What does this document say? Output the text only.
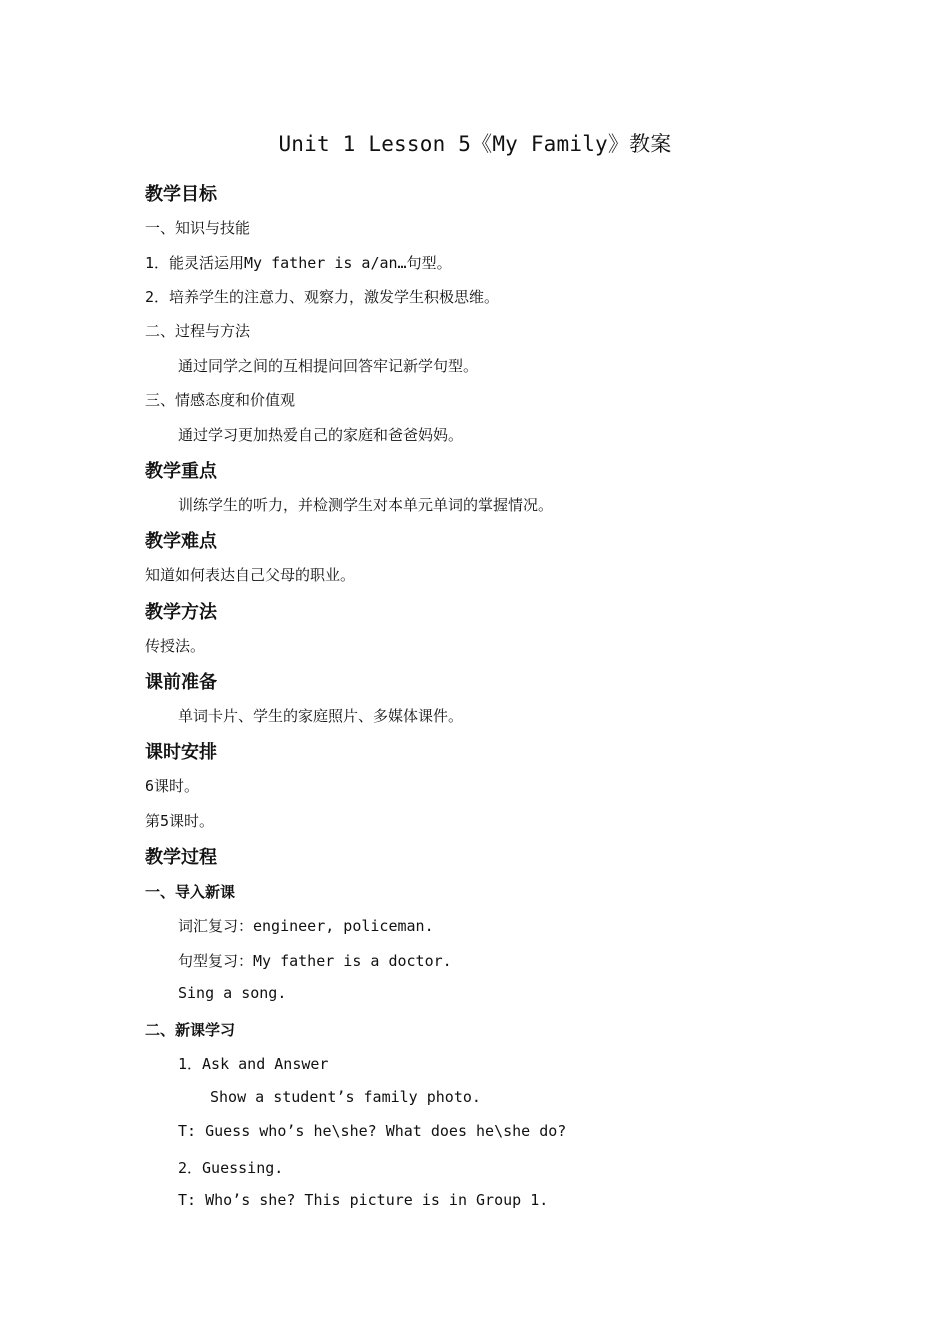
Unit 1 Lesson 5《My Family》教案
教学目标
一、知识与技能
1．能灵活运用My father is a/an…句型。
2．培养学生的注意力、观察力，激发学生积极思维。
二、过程与方法
通过同学之间的互相提问回答牢记新学句型。
三、情感态度和价值观
通过学习更加热爱自己的家庭和爸爸妈妈。
教学重点
训练学生的听力，并检测学生对本单元单词的掌握情况。
教学难点
知道如何表达自己父母的职业。
教学方法
传授法。
课前准备
单词卡片、学生的家庭照片、多媒体课件。
课时安排
6课时。
第5课时。
教学过程
一、导入新课
词汇复习：engineer, policeman.
句型复习：My father is a doctor.
Sing a song.
二、新课学习
1．Ask and Answer
Show a student’s family photo.
T: Guess who’s he\she? What does he\she do?
2．Guessing.
T: Who’s she? This picture is in Group 1.
